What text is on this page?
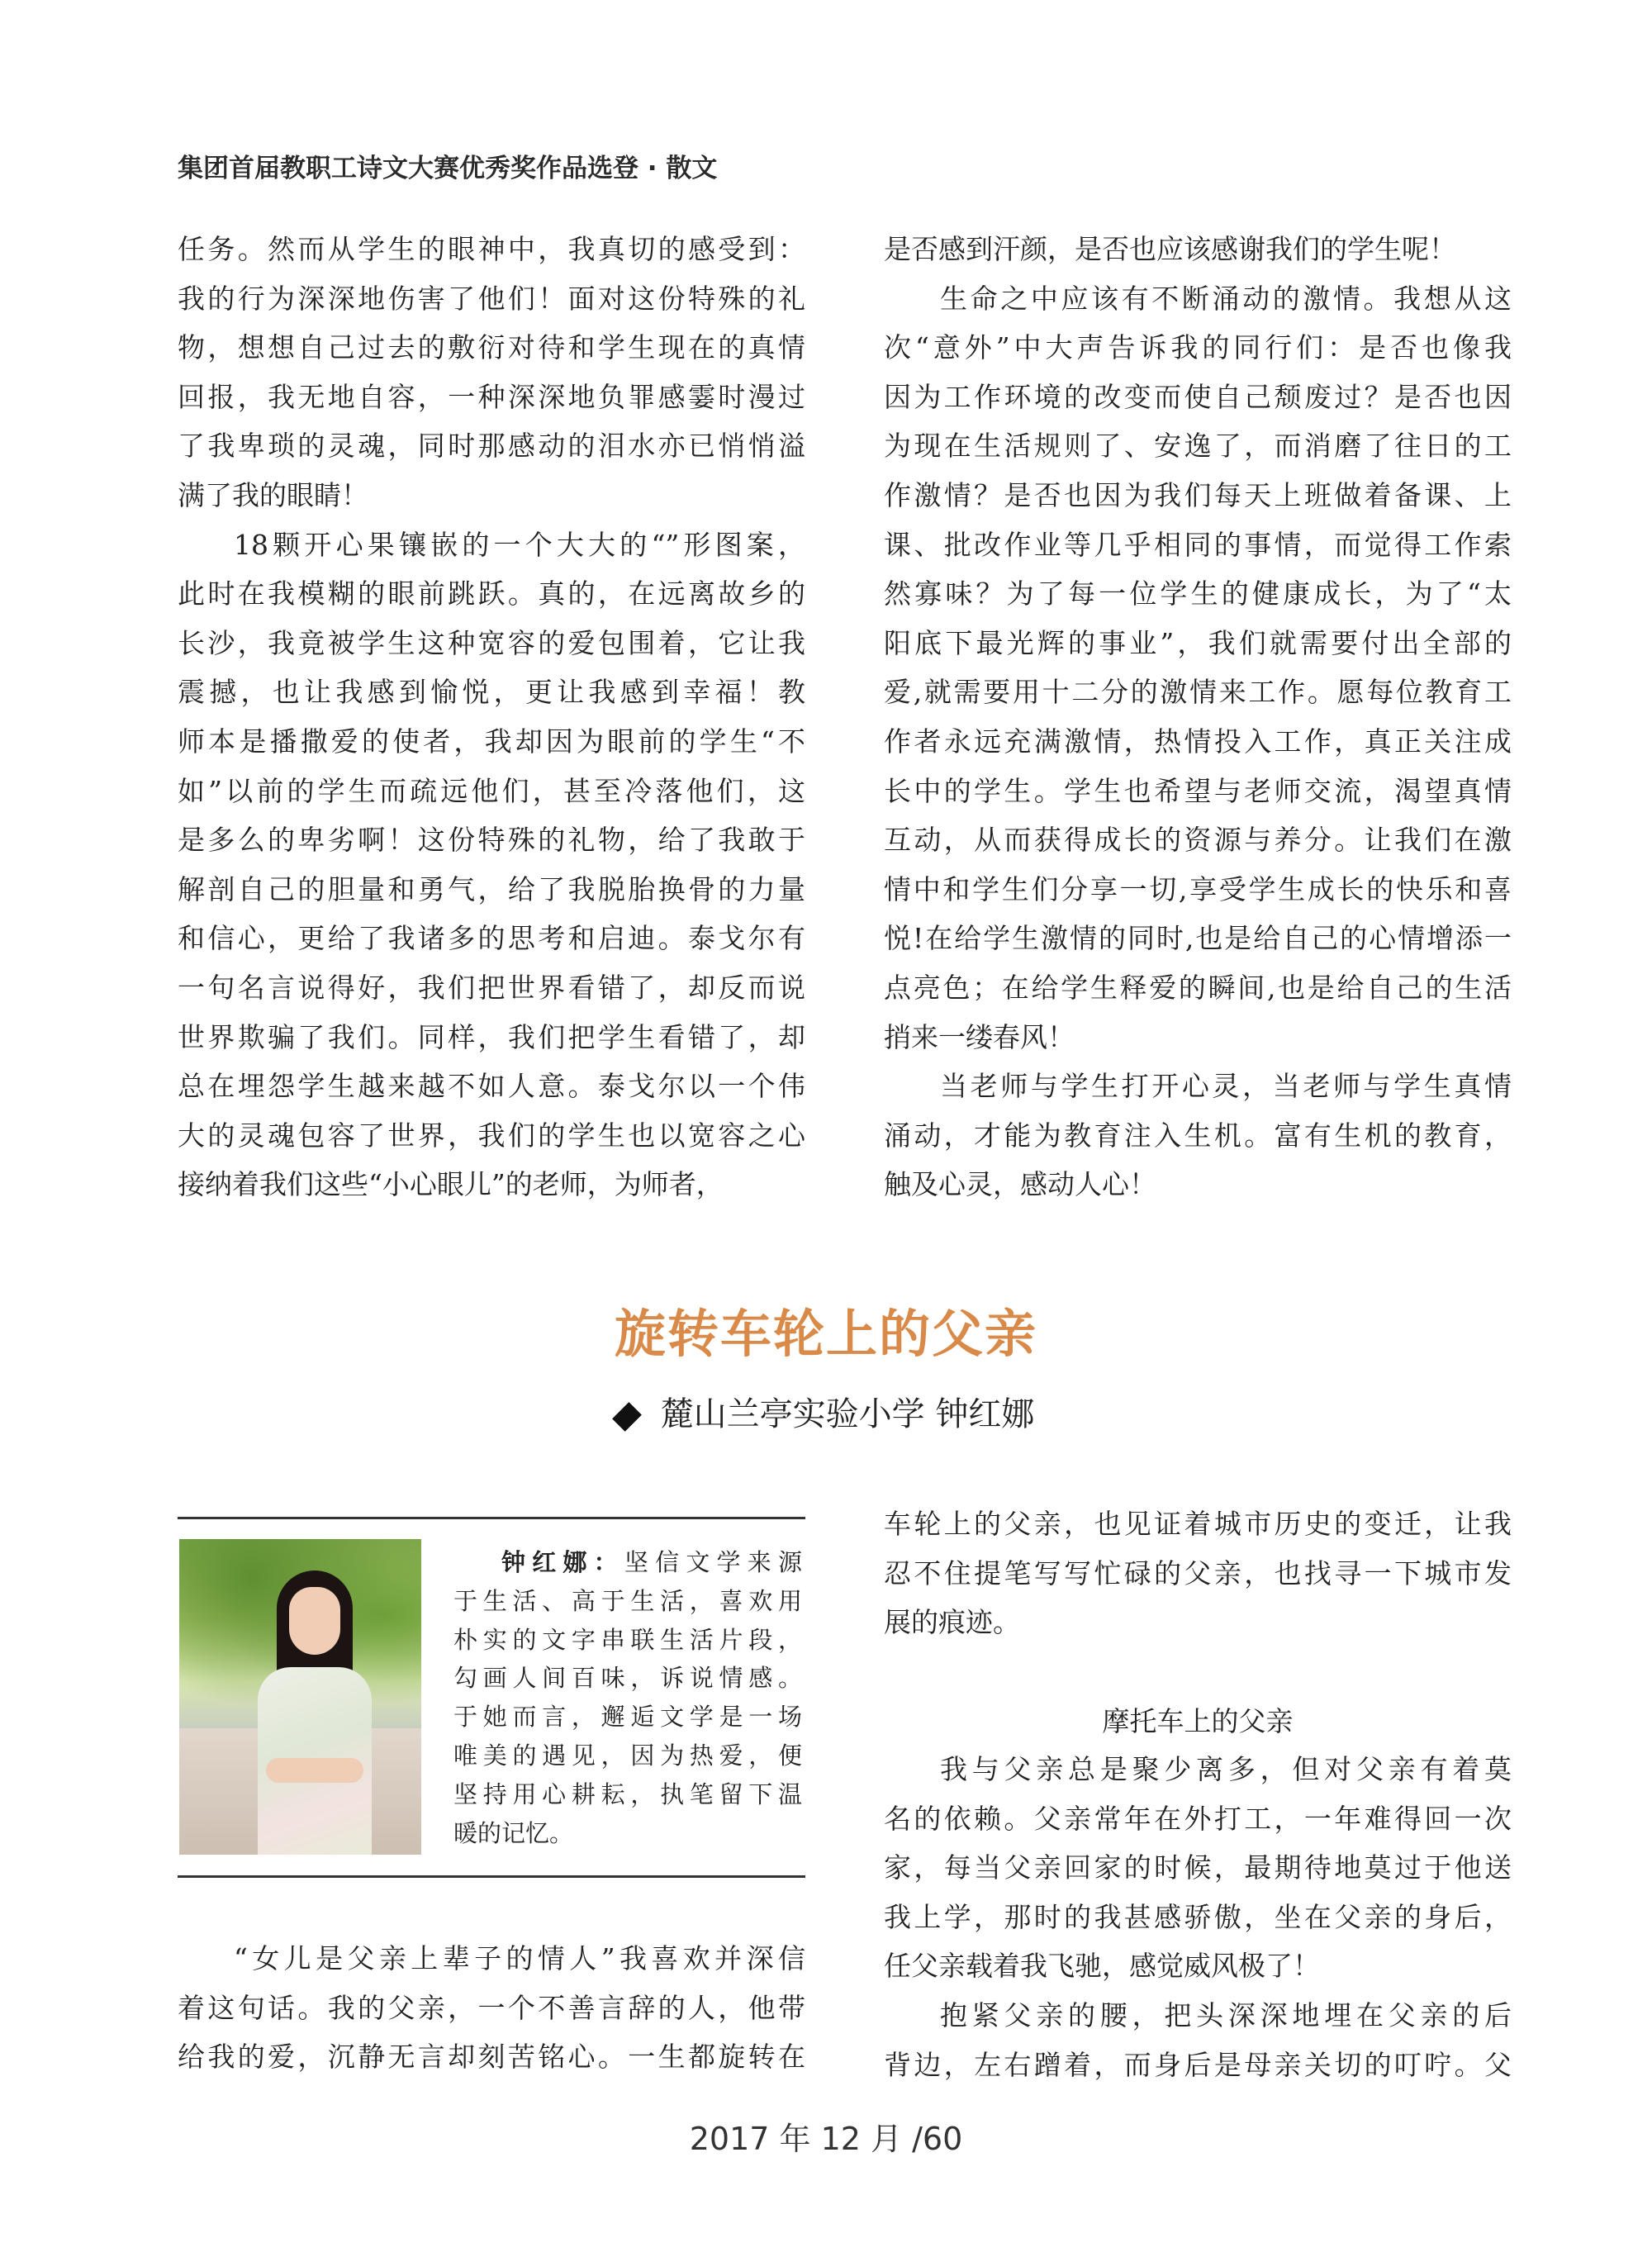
集团首届教职工诗文大赛优秀奖作品选登 · 散文
任务。然而从学生的眼神中，我真切的感受到：
我的行为深深地伤害了他们！面对这份特殊的礼
物，想想自己过去的敷衍对待和学生现在的真情
回报，我无地自容，一种深深地负罪感霎时漫过
了我卑琐的灵魂，同时那感动的泪水亦已悄悄溢
满了我的眼睛！
18颗开心果镶嵌的一个大大的“”形图案，
此时在我模糊的眼前跳跃。真的，在远离故乡的
长沙，我竟被学生这种宽容的爱包围着，它让我
震撼，也让我感到愉悦，更让我感到幸福！教
师本是播撒爱的使者，我却因为眼前的学生“不
如”以前的学生而疏远他们，甚至冷落他们，这
是多么的卑劣啊！这份特殊的礼物，给了我敢于
解剖自己的胆量和勇气，给了我脱胎换骨的力量
和信心，更给了我诸多的思考和启迪。泰戈尔有
一句名言说得好，我们把世界看错了，却反而说
世界欺骗了我们。同样，我们把学生看错了，却
总在埋怨学生越来越不如人意。泰戈尔以一个伟
大的灵魂包容了世界，我们的学生也以宽容之心
接纳着我们这些“小心眼儿”的老师，为师者，
是否感到汗颜，是否也应该感谢我们的学生呢！
生命之中应该有不断涌动的激情。我想从这
次“意外”中大声告诉我的同行们：是否也像我
因为工作环境的改变而使自己颓废过？是否也因
为现在生活规则了、安逸了，而消磨了往日的工
作激情？是否也因为我们每天上班做着备课、上
课、批改作业等几乎相同的事情，而觉得工作索
然寡味？为了每一位学生的健康成长，为了“太
阳底下最光辉的事业”，我们就需要付出全部的
爱,就需要用十二分的激情来工作。愿每位教育工
作者永远充满激情，热情投入工作，真正关注成
长中的学生。学生也希望与老师交流，渴望真情
互动，从而获得成长的资源与养分。让我们在激
情中和学生们分享一切,享受学生成长的快乐和喜
悦!在给学生激情的同时,也是给自己的心情增添一
点亮色；在给学生释爱的瞬间,也是给自己的生活
捎来一缕春风！
当老师与学生打开心灵，当老师与学生真情
涌动，才能为教育注入生机。富有生机的教育，
触及心灵，感动人心！
旋转车轮上的父亲
麓山兰亭实验小学 钟红娜
钟红娜：坚信文学来源
于生活、高于生活，喜欢用
朴实的文字串联生活片段，
勾画人间百味，诉说情感。
于她而言，邂逅文学是一场
唯美的遇见，因为热爱，便
坚持用心耕耘，执笔留下温
暖的记忆。
“女儿是父亲上辈子的情人”我喜欢并深信
着这句话。我的父亲，一个不善言辞的人，他带
给我的爱，沉静无言却刻苦铭心。一生都旋转在
车轮上的父亲，也见证着城市历史的变迁，让我
忍不住提笔写写忙碌的父亲，也找寻一下城市发
展的痕迹。
摩托车上的父亲
我与父亲总是聚少离多，但对父亲有着莫
名的依赖。父亲常年在外打工，一年难得回一次
家，每当父亲回家的时候，最期待地莫过于他送
我上学，那时的我甚感骄傲，坐在父亲的身后，
任父亲载着我飞驰，感觉威风极了！
抱紧父亲的腰，把头深深地埋在父亲的后
背边，左右蹭着，而身后是母亲关切的叮咛。父
2017 年 12 月 /60
